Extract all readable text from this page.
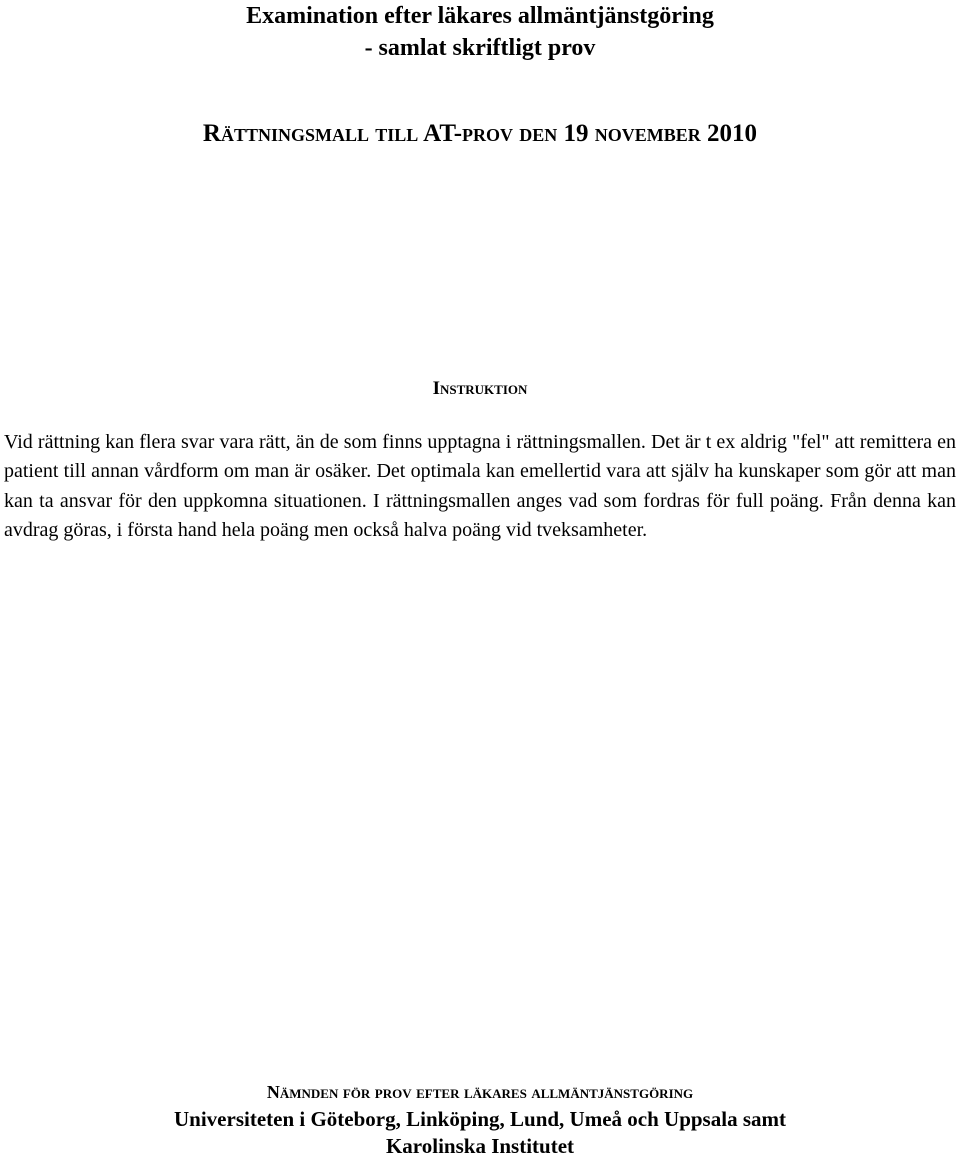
Examination efter läkares allmäntjänstgöring
- samlat skriftligt prov
Rättningsmall till AT-prov den 19 november 2010
Instruktion

Vid rättning kan flera svar vara rätt, än de som finns upptagna i rättningsmallen. Det är t ex aldrig "fel" att remittera en patient till annan vårdform om man är osäker. Det optimala kan emellertid vara att själv ha kunskaper som gör att man kan ta ansvar för den uppkomna situationen. I rättningsmallen anges vad som fordras för full poäng. Från denna kan avdrag göras, i första hand hela poäng men också halva poäng vid tveksamheter.

Nämnden för prov efter läkares allmäntjänstgöring
Universiteten i Göteborg, Linköping, Lund, Umeå och Uppsala samt
Karolinska Institutet
